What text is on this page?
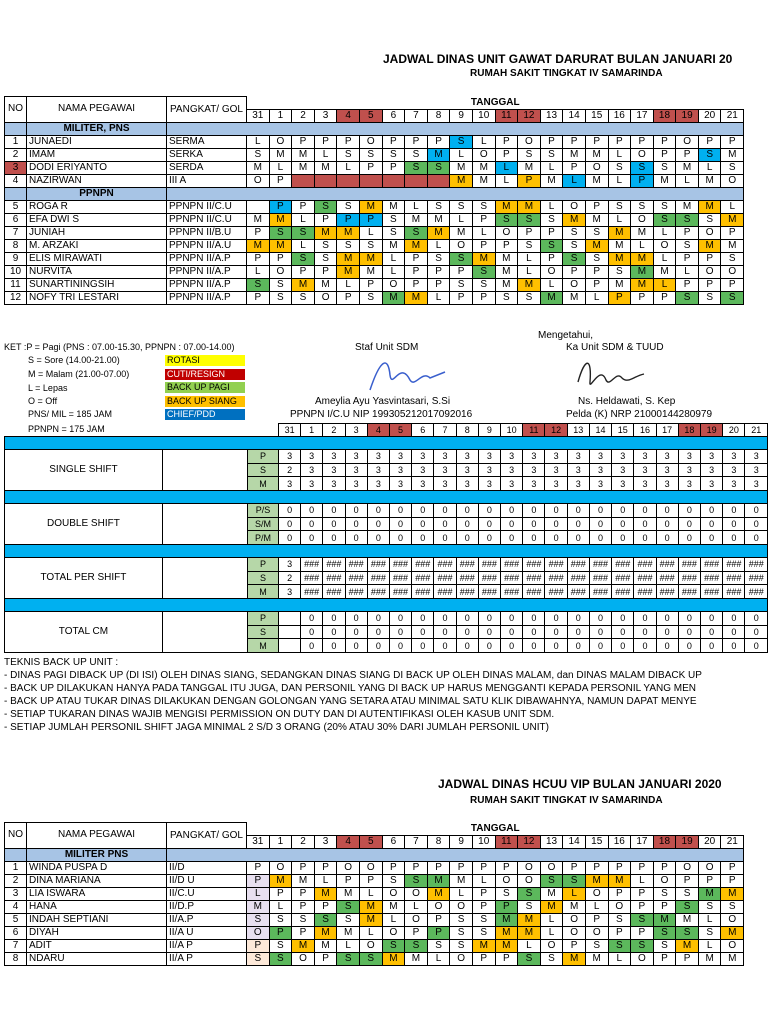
JADWAL DINAS UNIT GAWAT DARURAT BULAN JANUARI 20
RUMAH SAKIT TINGKAT IV SAMARINDA
NO	NAMA PEGAWAI	PANGKAT/ GOL	TANGGAL																					
			31	1	2	3	4	5	6	7	8	9	10	11	12	13	14	15	16	17	18	19	20	21
	MILITER, PNS																							
1	JUNAEDI	SERMA	L	O	P	P	P	O	P	P	P	S	L	P	O	P	P	P	P	P	P	O	P	P
2	IMAM	SERKA	S	M	M	L	S	S	S	S	M	L	O	P	S	S	M	M	L	O	P	P	S	M
3	DODI ERIYANTO	SERDA	M	L	M	M	L	P	P	S	S	M	M	L	M	L	P	O	S	S	S	M	L	S
4	NAZIRWAN	III A	O	P								M	M	L	P	M	L	M	L	P	M	L	M	O
	PPNPN																							
5	ROGA R	PPNPN II/C.U		P	P	S	S	M	M	L	S	S	S	M	M	L	O	P	S	S	S	M	M	L
6	EFA DWI S	PPNPN II/C.U	M	M	L	P	P	P	S	M	M	L	P	S	S	S	M	M	L	O	S	S	S	M
7	JUNIAH	PPNPN II/B.U	P	S	S	M	M	L	S	S	M	M	L	O	P	P	S	S	M	M	L	P	O	P
8	M. ARZAKI	PPNPN II/A.U	M	M	L	S	S	S	M	M	L	O	P	P	S	S	S	M	M	L	O	S	M	M
9	ELIS MIRAWATI	PPNPN II/A.P	P	P	S	S	M	M	L	P	S	S	M	M	L	P	S	S	M	M	L	P	P	S
10	NURVITA	PPNPN II/A.P	L	O	P	P	M	M	L	P	P	P	S	M	L	O	P	P	S	M	M	L	O	O
11	SUNARTININGSIH	PPNPN II/A.P	S	S	M	M	L	P	O	P	P	S	S	M	M	L	O	P	M	M	L	P	P	P
12	NOFY TRI LESTARI	PPNPN II/A.P	P	S	S	O	P	S	M	M	L	P	P	S	S	M	M	L	P	P	P	S	S	S
KET :P = Pagi (PNS : 07.00-15.30, PPNPN : 07.00-14.00)
S = Sore (14.00-21.00)
M = Malam (21.00-07.00)
L = Lepas
O = Off
PNS/ MIL = 185 JAM
PPNPN = 175 JAM
ROTASI
CUTI/RESIGN
BACK UP PAGI
BACK UP SIANG
CHIEF/PDD
Staf Unit SDM
Ameylia Ayu Yasvintasari, S.Si
PPNPN I/C.U NIP 199305212017092016
Mengetahui,
Ka Unit SDM & TUUD
Ns. Heldawati, S. Kep
Pelda (K) NRP 21000144280979
			31	1	2	3	4	5	6	7	8	9	10	11	12	13	14	15	16	17	18	19	20	21

SINGLE SHIFT		P	3	3	3	3	3	3	3	3	3	3	3	3	3	3	3	3	3	3	3	3	3	3
		S	2	3	3	3	3	3	3	3	3	3	3	3	3	3	3	3	3	3	3	3	3	3
		M	3	3	3	3	3	3	3	3	3	3	3	3	3	3	3	3	3	3	3	3	3	3

DOUBLE SHIFT		P/S	0	0	0	0	0	0	0	0	0	0	0	0	0	0	0	0	0	0	0	0	0	0
		S/M	0	0	0	0	0	0	0	0	0	0	0	0	0	0	0	0	0	0	0	0	0	0
		P/M	0	0	0	0	0	0	0	0	0	0	0	0	0	0	0	0	0	0	0	0	0	0

TOTAL PER SHIFT		P	3	###	###	###	###	###	###	###	###	###	###	###	###	###	###	###	###	###	###	###	###	###
		S	2	###	###	###	###	###	###	###	###	###	###	###	###	###	###	###	###	###	###	###	###	###
		M	3	###	###	###	###	###	###	###	###	###	###	###	###	###	###	###	###	###	###	###	###	###

TOTAL CM		P		0	0	0	0	0	0	0	0	0	0	0	0	0	0	0	0	0	0	0	0	0
		S		0	0	0	0	0	0	0	0	0	0	0	0	0	0	0	0	0	0	0	0	0
		M		0	0	0	0	0	0	0	0	0	0	0	0	0	0	0	0	0	0	0	0	0
TEKNIS BACK UP UNIT :
- DINAS PAGI DIBACK UP (DI ISI) OLEH DINAS SIANG, SEDANGKAN DINAS SIANG DI BACK UP OLEH DINAS MALAM, dan DINAS MALAM DIBACK UP
- BACK UP DILAKUKAN HANYA PADA TANGGAL ITU JUGA, DAN PERSONIL YANG DI BACK UP HARUS MENGGANTI KEPADA PERSONIL YANG MEN
- BACK UP ATAU TUKAR DINAS DILAKUKAN DENGAN GOLONGAN YANG SETARA ATAU MINIMAL SATU KLIK DIBAWAHNYA, NAMUN DAPAT MENYE
- SETIAP TUKARAN DINAS WAJIB MENGISI PERMISSION ON DUTY DAN DI AUTENTIFIKASI OLEH KASUB UNIT SDM.
- SETIAP JUMLAH PERSONIL SHIFT JAGA MINIMAL 2 S/D 3 ORANG (20% ATAU 30% DARI JUMLAH PERSONIL UNIT)
JADWAL DINAS HCUU VIP BULAN JANUARI 2020
RUMAH SAKIT TINGKAT IV SAMARINDA
NO	NAMA PEGAWAI	PANGKAT/ GOL	TANGGAL																					
			31	1	2	3	4	5	6	7	8	9	10	11	12	13	14	15	16	17	18	19	20	21
	MILITER PNS																							
1	WINDA PUSPA D	II/D	P	O	P	P	O	O	P	P	P	P	P	P	O	O	P	P	P	P	P	O	O	P
2	DINA MARIANA	II/D U	P	M	M	L	P	P	S	S	M	M	L	O	O	S	S	M	M	L	O	P	P	P
3	LIA ISWARA	II/C.U	L	P	P	M	M	L	O	O	M	L	P	S	S	M	L	O	P	P	S	S	M	M
4	HANA	II/D.P	M	L	P	P	S	M	M	L	O	O	P	P	S	M	M	L	O	P	P	S	S	S
5	INDAH SEPTIANI	II/A.P	S	S	S	S	S	M	L	O	P	S	S	M	M	L	O	P	S	S	M	M	L	O
6	DIYAH	II/A U	O	P	P	M	M	L	O	P	P	S	S	M	M	L	O	O	P	P	S	S	S	M
7	ADIT	II/A P	P	S	M	M	L	O	S	S	S	S	M	M	L	O	P	S	S	S	S	M	L	O
8	NDARU	II/A P	S	S	O	P	S	S	M	M	L	O	P	P	S	S	M	M	L	O	P	P	M	M
